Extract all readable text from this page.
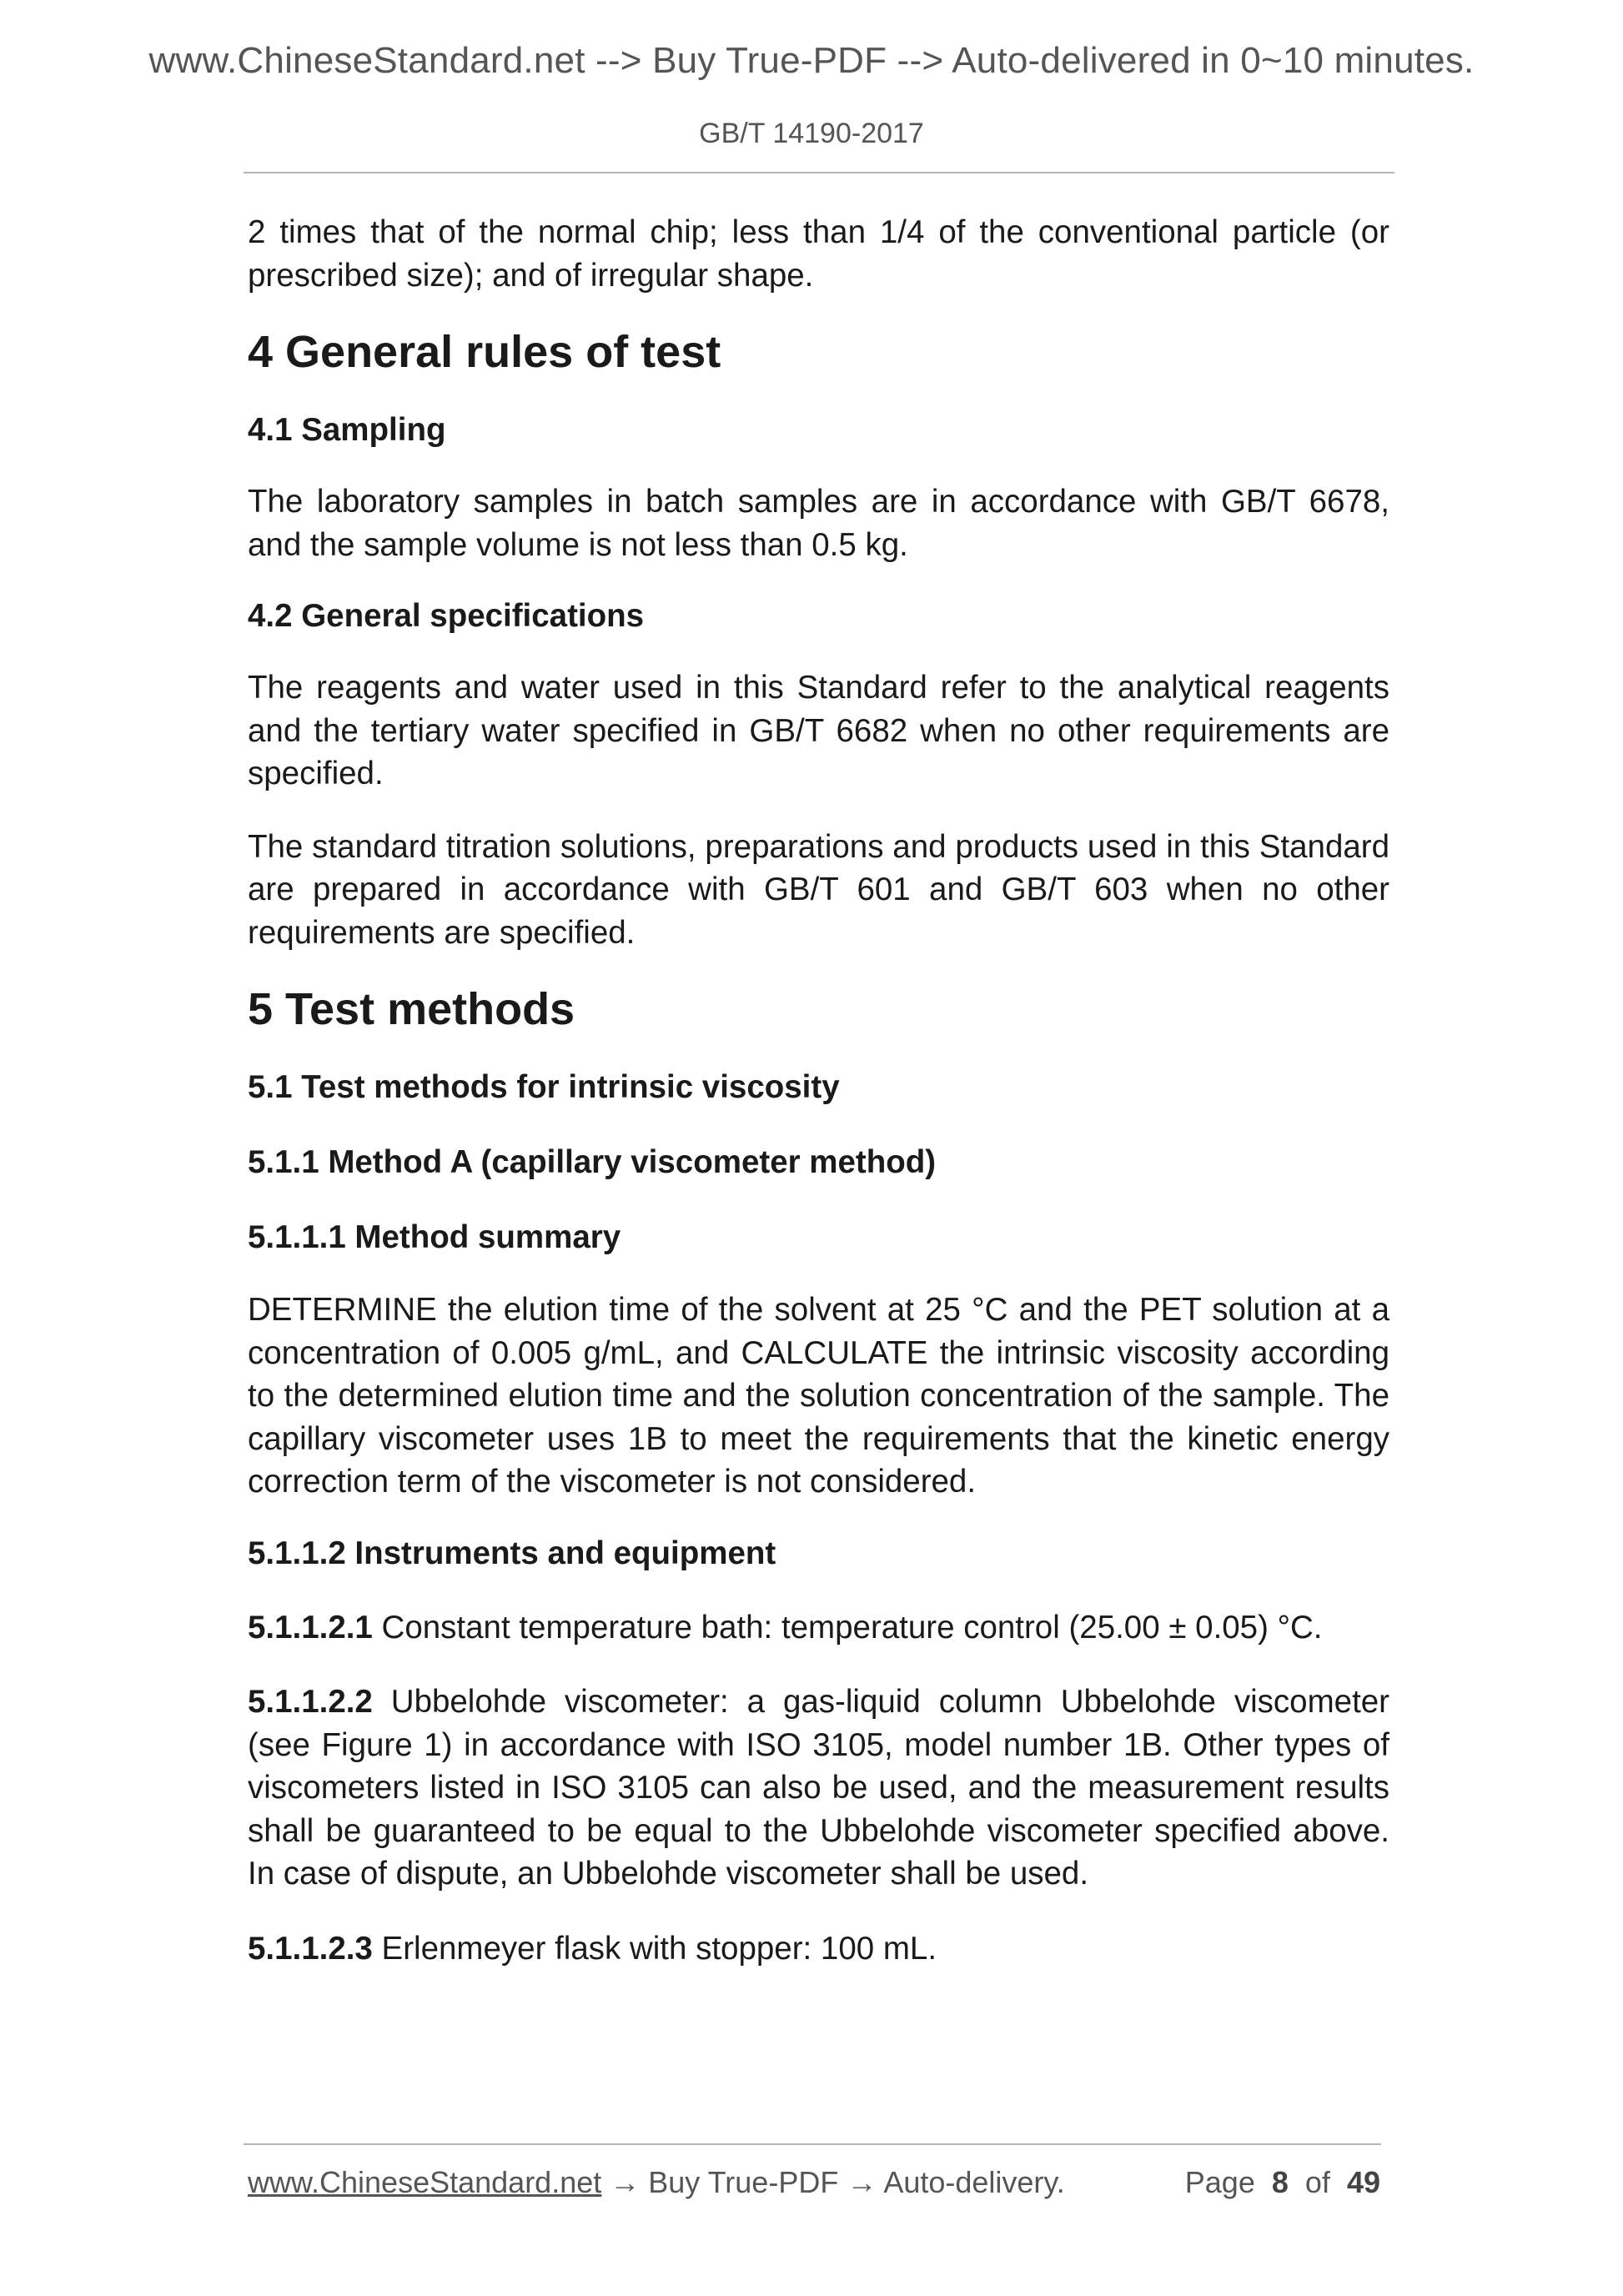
www.ChineseStandard.net --> Buy True-PDF --> Auto-delivered in 0~10 minutes.
GB/T 14190-2017

2 times that of the normal chip; less than 1/4 of the conventional particle (or prescribed size); and of irregular shape.

4 General rules of test
4.1 Sampling

The laboratory samples in batch samples are in accordance with GB/T 6678, and the sample volume is not less than 0.5 kg.

4.2 General specifications

The reagents and water used in this Standard refer to the analytical reagents and the tertiary water specified in GB/T 6682 when no other requirements are specified.

The standard titration solutions, preparations and products used in this Standard are prepared in accordance with GB/T 601 and GB/T 603 when no other requirements are specified.

5 Test methods
5.1 Test methods for intrinsic viscosity
5.1.1 Method A (capillary viscometer method)
5.1.1.1 Method summary

DETERMINE the elution time of the solvent at 25 °C and the PET solution at a concentration of 0.005 g/mL, and CALCULATE the intrinsic viscosity according to the determined elution time and the solution concentration of the sample. The capillary viscometer uses 1B to meet the requirements that the kinetic energy correction term of the viscometer is not considered.

5.1.1.2 Instruments and equipment

5.1.1.2.1 Constant temperature bath: temperature control (25.00 ± 0.05) °C.

5.1.1.2.2 Ubbelohde viscometer: a gas-liquid column Ubbelohde viscometer (see Figure 1) in accordance with ISO 3105, model number 1B. Other types of viscometers listed in ISO 3105 can also be used, and the measurement results shall be guaranteed to be equal to the Ubbelohde viscometer specified above. In case of dispute, an Ubbelohde viscometer shall be used.

5.1.1.2.3 Erlenmeyer flask with stopper: 100 mL.

www.ChineseStandard.net → Buy True-PDF → Auto-delivery.	Page 8 of 49
